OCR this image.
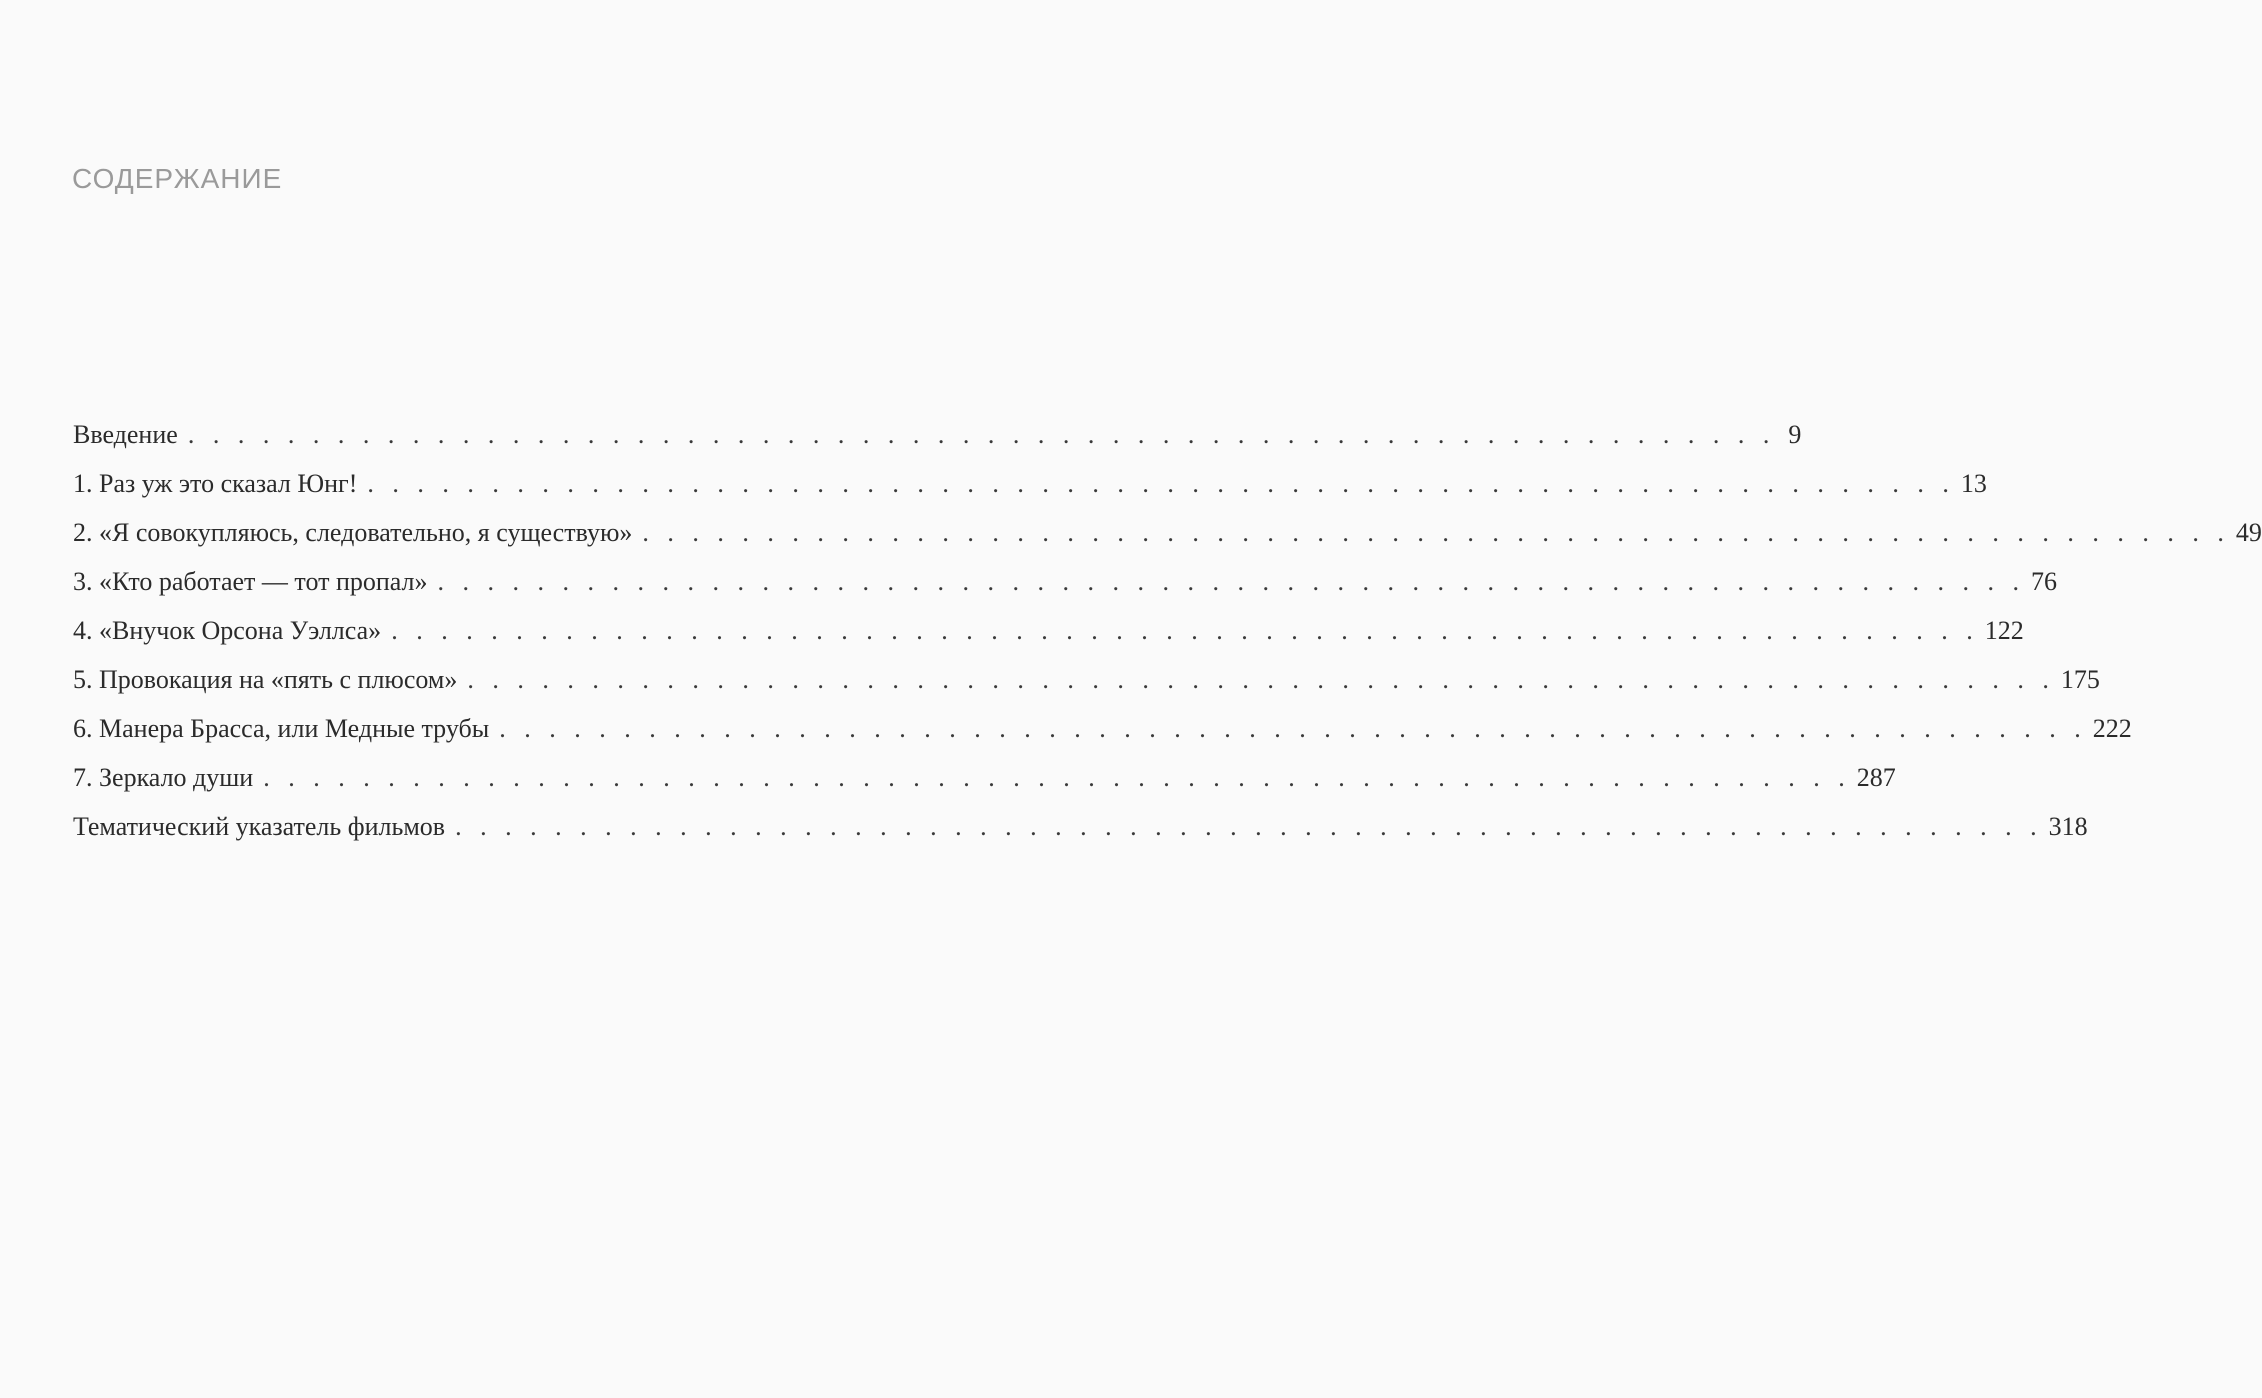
СОДЕРЖАНИЕ
Введение . . . . . . . . . . . . . . . . . . . . . . . . . . . . . . . . . . . . . . . . . . . . . . . . . . . . . . . . . . . . . . . . 9
1. Раз уж это сказал Юнг! . . . . . . . . . . . . . . . . . . . . . . . . . . . . . . . . . . . . . . . . . . . . . . . . . . . . . . . . . . . . . . . . 13
2. «Я совокупляюсь, следовательно, я существую» . . . . . . . . . . . . . . . . . . . . . . . . . . . . . . . . . . . . . . . . . . . . . . . . . . . . . . . . . . . . . . . . 49
3. «Кто работает — тот пропал» . . . . . . . . . . . . . . . . . . . . . . . . . . . . . . . . . . . . . . . . . . . . . . . . . . . . . . . . . . . . . . . . 76
4. «Внучок Орсона Уэллса» . . . . . . . . . . . . . . . . . . . . . . . . . . . . . . . . . . . . . . . . . . . . . . . . . . . . . . . . . . . . . . . . 122
5. Провокация на «пять с плюсом» . . . . . . . . . . . . . . . . . . . . . . . . . . . . . . . . . . . . . . . . . . . . . . . . . . . . . . . . . . . . . . . . 175
6. Манера Брасса, или Медные трубы . . . . . . . . . . . . . . . . . . . . . . . . . . . . . . . . . . . . . . . . . . . . . . . . . . . . . . . . . . . . . . . . 222
7. Зеркало души . . . . . . . . . . . . . . . . . . . . . . . . . . . . . . . . . . . . . . . . . . . . . . . . . . . . . . . . . . . . . . . . 287
Тематический указатель фильмов . . . . . . . . . . . . . . . . . . . . . . . . . . . . . . . . . . . . . . . . . . . . . . . . . . . . . . . . . . . . . . . . 318
